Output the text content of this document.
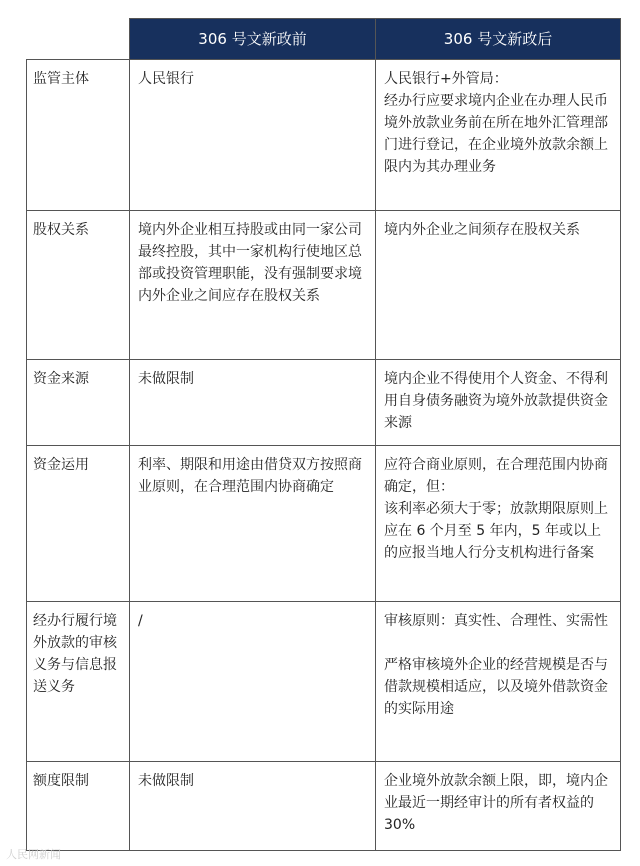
	306 号文新政前	306 号文新政后
监管主体	人民银行	人民银行+外管局：
经办行应要求境内企业在办理人民币境外放款业务前在所在地外汇管理部门进行登记，在企业境外放款余额上限内为其办理业务

股权关系	境内外企业相互持股或由同一家公司最终控股，其中一家机构行使地区总部或投资管理职能，没有强制要求境内外企业之间应存在股权关系	境内外企业之间须存在股权关系

资金来源	未做限制	境内企业不得使用个人资金、不得利用自身债务融资为境外放款提供资金来源

资金运用	利率、期限和用途由借贷双方按照商业原则，在合理范围内协商确定	应符合商业原则，在合理范围内协商确定，但：
该利率必须大于零；放款期限原则上应在 6 个月至 5 年内，5 年或以上的应报当地人行分支机构进行备案

经办行履行境外放款的审核义务与信息报送义务	/	审核原则：真实性、合理性、实需性
严格审核境外企业的经营规模是否与借款规模相适应，以及境外借款资金的实际用途

额度限制	未做限制	企业境外放款余额上限，即，境内企业最近一期经审计的所有者权益的 30%
人民网新闻
